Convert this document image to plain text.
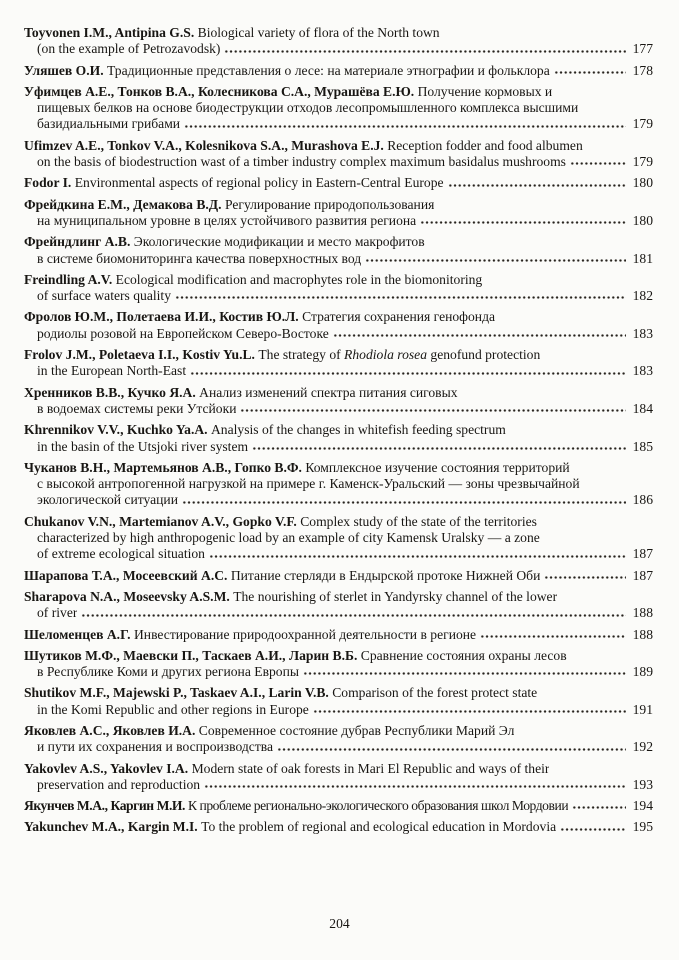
Toyvonen I.M., Antipina G.S. Biological variety of flora of the North town
(on the example of Petrozavodsk)	177
Уляшев О.И. Традиционные представления о лесе: на материале этнографии и фольклора	178
Уфимцев А.Е., Тонков В.А., Колесникова С.А., Мурашёва Е.Ю. Получение кормовых и
пищевых белков на основе биодеструкции отходов лесопромышленного комплекса высшими
базидиальными грибами	179
Ufimzev A.E., Tonkov V.A., Kolesnikova S.A., Murashova E.J. Reception fodder and food albumen
on the basis of biodestruction wast of a timber industry complex maximum basidalus mushrooms	179
Fodor I. Environmental aspects of regional policy in Eastern-Central Europe	180
Фрейдкина Е.М., Демакова В.Д. Регулирование природопользования
на муниципальном уровне в целях устойчивого развития региона	180
Фрейндлинг А.В. Экологические модификации и место макрофитов
в системе биомониторинга качества поверхностных вод	181
Freindling A.V. Ecological modification and macrophytes role in the biomonitoring
of surface waters quality	182
Фролов Ю.М., Полетаева И.И., Костив Ю.Л. Стратегия сохранения генофонда
родиолы розовой на Европейском Северо-Востоке	183
Frolov J.M., Poletaeva I.I., Kostiv Yu.L. The strategy of Rhodiola rosea genofund protection
in the European North-East	183
Хренников В.В., Кучко Я.А. Анализ изменений спектра питания сиговых
в водоемах системы реки Утсйоки	184
Khrennikov V.V., Kuchko Ya.A. Analysis of the changes in whitefish feeding spectrum
in the basin of the Utsjoki river system	185
Чуканов В.Н., Мартемьянов А.В., Гопко В.Ф. Комплексное изучение состояния территорий
с высокой антропогенной нагрузкой на примере г. Каменск-Уральский — зоны чрезвычайной
экологической ситуации	186
Chukanov V.N., Martemianov A.V., Gopko V.F. Complex study of the state of the territories
characterized by high anthropogenic load by an example of city Kamensk Uralsky — a zone
of extreme ecological situation	187
Шарапова Т.А., Мосеевский А.С. Питание стерляди в Ендырской протоке Нижней Оби	187
Sharapova N.A., Moseevsky A.S.M. The nourishing of sterlet in Yandyrsky channel of the lower
of river	188
Шеломенцев А.Г. Инвестирование природоохранной деятельности в регионе	188
Шутиков М.Ф., Маевски П., Таскаев А.И., Ларин В.Б. Сравнение состояния охраны лесов
в Республике Коми и других региона Европы	189
Shutikov M.F., Majewski P., Taskaev A.I., Larin V.B. Comparison of the forest protect state
in the Komi Republic and other regions in Europe	191
Яковлев А.С., Яковлев И.А. Современное состояние дубрав Республики Марий Эл
и пути их сохранения и воспроизводства	192
Yakovlev A.S., Yakovlev I.A. Modern state of oak forests in Mari El Republic and ways of their
preservation and reproduction	193
Якунчев М.А., Каргин М.И. К проблеме регионально-экологического образования школ Мордовии	194
Yakunchev M.A., Kargin M.I. To the problem of regional and ecological education in Mordovia	195
204
